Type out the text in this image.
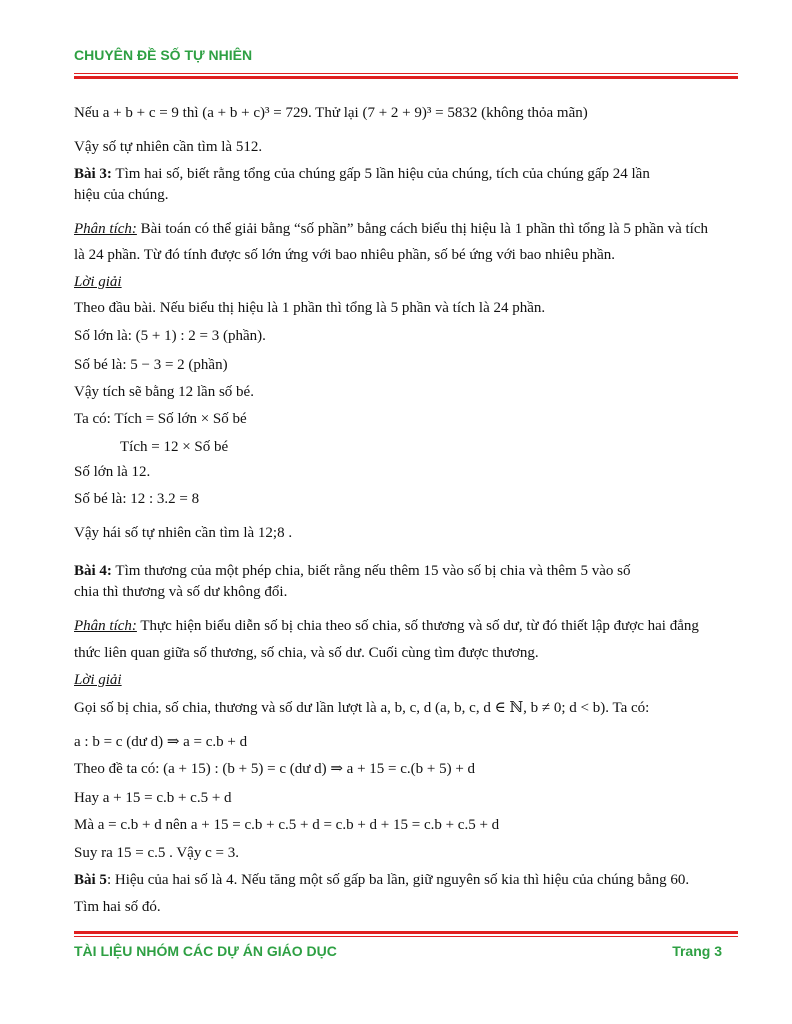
CHUYÊN ĐỀ SỐ TỰ NHIÊN
Nếu a + b + c = 9 thì (a + b + c)³ = 729. Thử lại (7 + 2 + 9)³ = 5832 (không thỏa mãn)
Vậy số tự nhiên cần tìm là 512.
Bài 3: Tìm hai số, biết rằng tổng của chúng gấp 5 lần hiệu của chúng, tích của chúng gấp 24 lần
hiệu của chúng.
Phân tích: Bài toán có thể giải bằng “số phần” bằng cách biểu thị hiệu là 1 phần thì tổng là 5 phần và tích
là 24 phần. Từ đó tính được số lớn ứng với bao nhiêu phần, số bé ứng với bao nhiêu phần.
Lời giải
Theo đầu bài. Nếu biểu thị hiệu là 1 phần thì tổng là 5 phần và tích là 24 phần.
Số lớn là: (5 + 1) : 2 = 3 (phần).
Số bé là: 5 − 3 = 2 (phần)
Vậy tích sẽ bằng 12 lần số bé.
Ta có: Tích = Số lớn × Số bé
Tích = 12 × Số bé
Số lớn là 12.
Số bé là: 12 : 3.2 = 8
Vậy hái số tự nhiên cần tìm là 12;8 .
Bài 4: Tìm thương của một phép chia, biết rằng nếu thêm 15 vào số bị chia và thêm 5 vào số
chia thì thương và số dư không đổi.
Phân tích: Thực hiện biểu diễn số bị chia theo số chia, số thương và số dư, từ đó thiết lập được hai đẳng
thức liên quan giữa số thương, số chia, và số dư. Cuối cùng tìm được thương.
Lời giải
Gọi số bị chia, số chia, thương và số dư lần lượt là a, b, c, d (a, b, c, d ∈ ℕ, b ≠ 0; d < b). Ta có:
a : b = c (dư d) ⇒ a = c.b + d
Theo đề ta có: (a + 15) : (b + 5) = c (dư d) ⇒ a + 15 = c.(b + 5) + d
Hay a + 15 = c.b + c.5 + d
Mà a = c.b + d nên a + 15 = c.b + c.5 + d = c.b + d + 15 = c.b + c.5 + d
Suy ra 15 = c.5 . Vậy c = 3.
Bài 5: Hiệu của hai số là 4. Nếu tăng một số gấp ba lần, giữ nguyên số kia thì hiệu của chúng bằng 60.
Tìm hai số đó.
TÀI LIỆU NHÓM CÁC DỰ ÁN GIÁO DỤC	Trang 3
